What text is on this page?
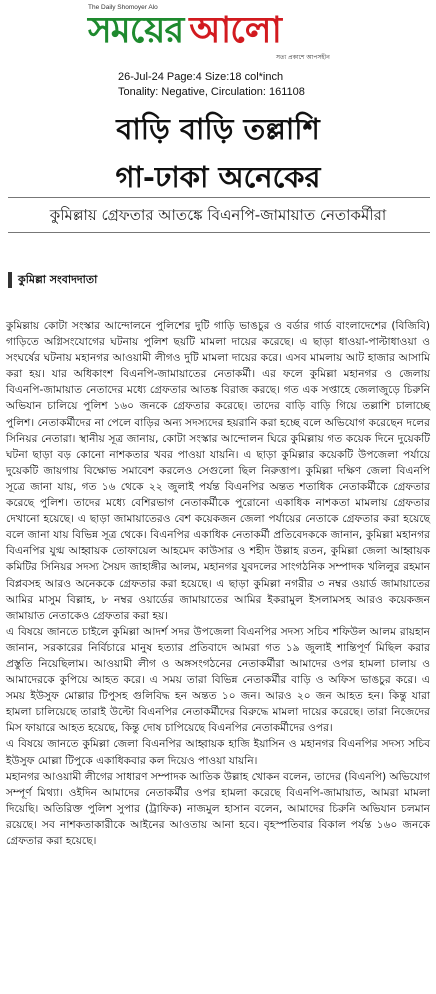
The Daily Shomoyer Alo
সময়ের আলো
সত্য প্রকাশে আপসহীন
26-Jul-24 Page:4 Size:18 col*inch
Tonality: Negative, Circulation: 161108
বাড়ি বাড়ি তল্লাশি
গা-ঢাকা অনেকের
কুমিল্লায় গ্রেফতার আতঙ্কে বিএনপি-জামায়াত নেতাকর্মীরা
কুমিল্লা সংবাদদাতা

কুমিল্লায় কোটা সংস্কার আন্দোলনে পুলিশের দুটি গাড়ি ভাঙচুর ও বর্ডার গার্ড বাংলাদেশের (বিজিবি) গাড়িতে অগ্নিসংযোগের ঘটনায় পুলিশ ছয়টি মামলা দায়ের করেছে। এ ছাড়া ধাওয়া-পাল্টাধাওয়া ও সংঘর্ষের ঘটনায় মহানগর আওয়ামী লীগও দুটি মামলা দায়ের করে। এসব মামলায় আট হাজার আসামি করা হয়। যার অধিকাংশ বিএনপি-জামায়াতের নেতাকর্মী। এর ফলে কুমিল্লা মহানগর ও জেলায় বিএনপি-জামায়াত নেতাদের মধ্যে গ্রেফতার আতঙ্ক বিরাজ করছে। গত এক সপ্তাহে জেলাজুড়ে চিরুনি অভিযান চালিয়ে পুলিশ ১৬০ জনকে গ্রেফতার করেছে। তাদের বাড়ি বাড়ি গিয়ে তল্লাশি চালাচ্ছে পুলিশ। নেতাকর্মীদের না পেলে বাড়ির অন্য সদস্যদের হয়রানি করা হচ্ছে বলে অভিযোগ করেছেন দলের সিনিয়র নেতারা। স্থানীয় সূত্র জানায়, কোটা সংস্কার আন্দোলন ঘিরে কুমিল্লায় গত কয়েক দিনে দুয়েকটি ঘটনা ছাড়া বড় কোনো নাশকতার খবর পাওয়া যায়নি। এ ছাড়া কুমিল্লার কয়েকটি উপজেলা পর্যায়ে দুয়েকটি জায়গায় বিক্ষোভ সমাবেশ করলেও সেগুলো ছিল নিরুত্তাপ। কুমিল্লা দক্ষিণ জেলা বিএনপি সূত্রে জানা যায়, গত ১৬ থেকে ২২ জুলাই পর্যন্ত বিএনপির অন্তত শতাধিক নেতাকর্মীকে গ্রেফতার করেছে পুলিশ। তাদের মধ্যে বেশিরভাগ নেতাকর্মীকে পুরোনো একাধিক নাশকতা মামলায় গ্রেফতার দেখানো হয়েছে। এ ছাড়া জামায়াতেরও বেশ কয়েকজন জেলা পর্যায়ের নেতাকে গ্রেফতার করা হয়েছে বলে জানা যায় বিভিন্ন সূত্র থেকে। বিএনপির একাধিক নেতাকর্মী প্রতিবেদককে জানান, কুমিল্লা মহানগর বিএনপির যুগ্ম আহ্বায়ক তোফায়েল আহমেদ কাউসার ও শহীদ উল্লাহ রতন, কুমিল্লা জেলা আহ্বায়ক কমিটির সিনিয়র সদস্য সৈয়দ জাহাঙ্গীর আলম, মহানগর যুবদলের সাংগঠনিক সম্পাদক খলিলুর রহমান বিপ্লবসহ আরও অনেককে গ্রেফতার করা হয়েছে। এ ছাড়া কুমিল্লা নগরীর ৩ নম্বর ওয়ার্ড জামায়াতের আমির মাসুম বিল্লাহ, ৮ নম্বর ওয়ার্ডের জামায়াতের আমির ইকরামুল ইসলামসহ আরও কয়েকজন জামায়াত নেতাকেও গ্রেফতার করা হয়।

এ বিষয়ে জানতে চাইলে কুমিল্লা আদর্শ সদর উপজেলা বিএনপির সদস্য সচিব শফিউল আলম রায়হান জানান, সরকারের নির্বিচারে মানুষ হত্যার প্রতিবাদে আমরা গত ১৯ জুলাই শান্তিপূর্ণ মিছিল করার প্রস্তুতি নিয়েছিলাম। আওয়ামী লীগ ও অঙ্গসংগঠনের নেতাকর্মীরা আমাদের ওপর হামলা চালায় ও আমাদেরকে কুপিয়ে আহত করে। এ সময় তারা বিভিন্ন নেতাকর্মীর বাড়ি ও অফিস ভাঙচুর করে। এ সময় ইউসুফ মোল্লার টিপুসহ গুলিবিদ্ধ হন অন্তত ১০ জন। আরও ২০ জন আহত হন। কিন্তু যারা হামলা চালিয়েছে তারাই উল্টো বিএনপির নেতাকর্মীদের বিরুদ্ধে মামলা দায়ের করেছে। তারা নিজেদের মিস ফায়ারে আহত হয়েছে, কিন্তু দোষ চাপিয়েছে বিএনপির নেতাকর্মীদের ওপর।

এ বিষয়ে জানতে কুমিল্লা জেলা বিএনপির আহ্বায়ক হাজি ইয়াসিন ও মহানগর বিএনপির সদস্য সচিব ইউসুফ মোল্লা টিপুকে একাধিকবার কল দিয়েও পাওয়া যায়নি।

মহানগর আওয়ামী লীগের সাধারণ সম্পাদক আতিক উল্লাহ খোকন বলেন, তাদের (বিএনপি) অভিযোগ সম্পূর্ণ মিথ্যা। ওইদিন আমাদের নেতাকর্মীর ওপর হামলা করেছে বিএনপি-জামায়াত, আমরা মামলা দিয়েছি। অতিরিক্ত পুলিশ সুপার (ট্রাফিক) নাজমুল হাসান বলেন, আমাদের চিরুনি অভিযান চলমান রয়েছে। সব নাশকতাকারীকে আইনের আওতায় আনা হবে। বৃহস্পতিবার বিকাল পর্যন্ত ১৬০ জনকে গ্রেফতার করা হয়েছে।
